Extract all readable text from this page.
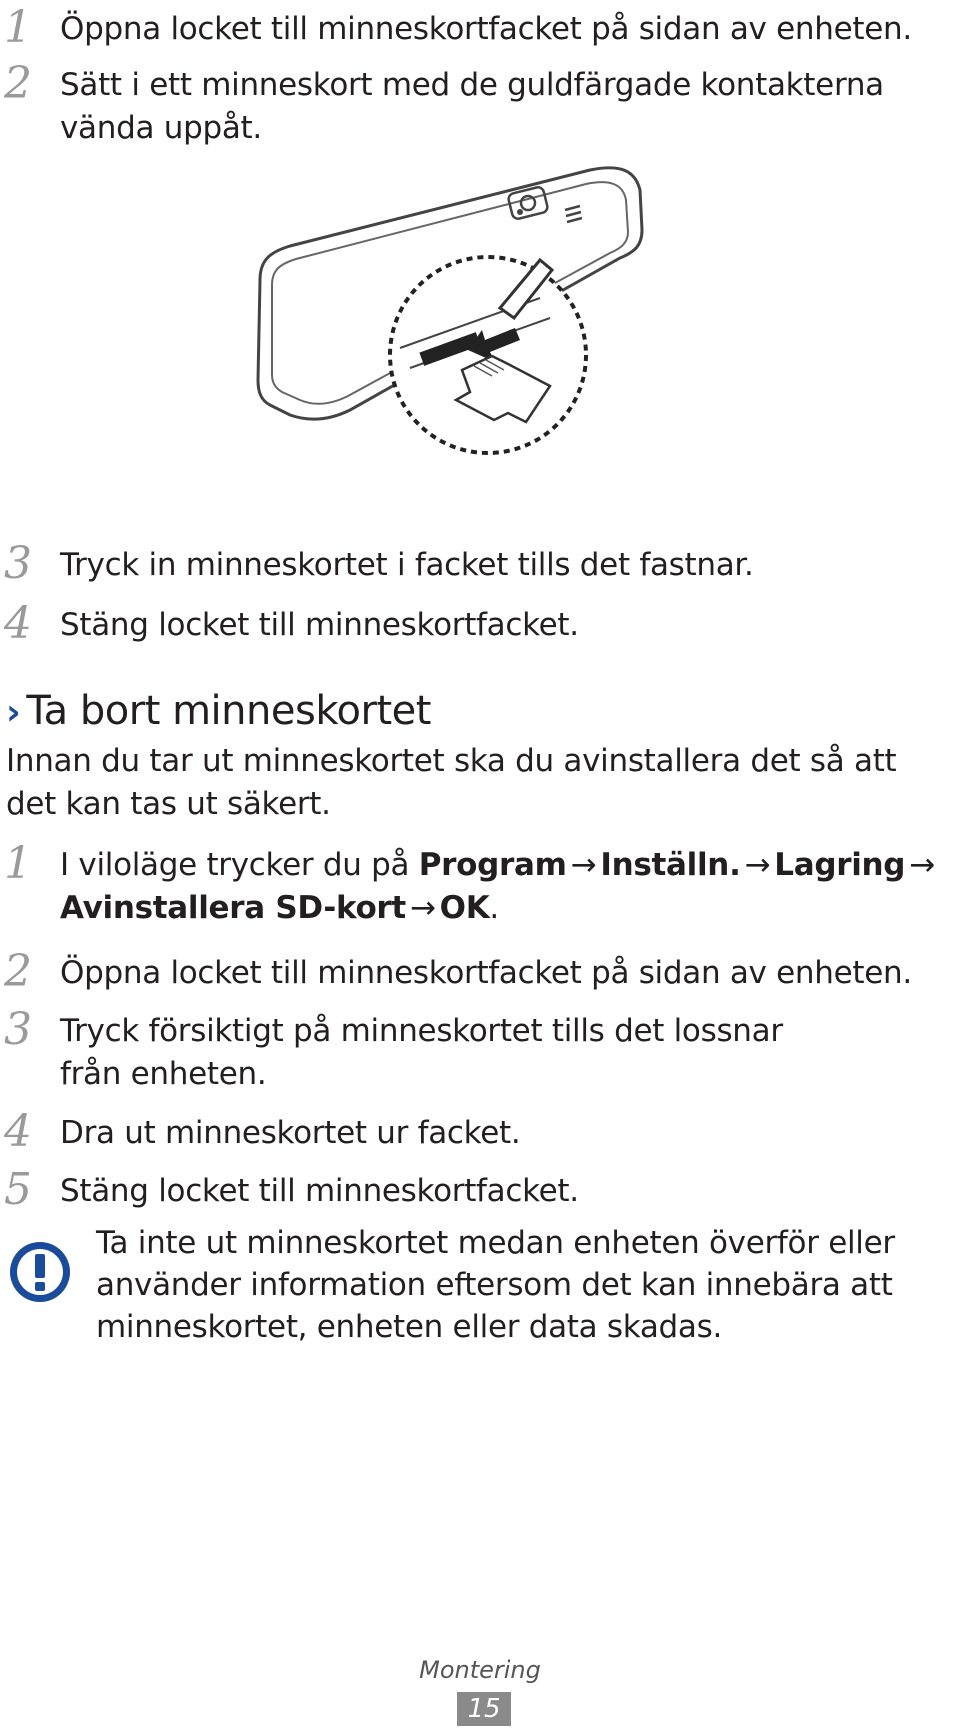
1 Öppna locket till minneskortfacket på sidan av enheten.
2 Sätt i ett minneskort med de guldfärgade kontakterna vända uppåt.
3 Tryck in minneskortet i facket tills det fastnar.
4 Stäng locket till minneskortfacket.
› Ta bort minneskortet
Innan du tar ut minneskortet ska du avinstallera det så att det kan tas ut säkert.
1 I viloläge trycker du på Program → Inställn. → Lagring →
Avinstallera SD-kort → OK.
2 Öppna locket till minneskortfacket på sidan av enheten.
3 Tryck försiktigt på minneskortet tills det lossnar från enheten.
4 Dra ut minneskortet ur facket.
5 Stäng locket till minneskortfacket.
Ta inte ut minneskortet medan enheten överför eller använder information eftersom det kan innebära att minneskortet, enheten eller data skadas.
Montering
15
